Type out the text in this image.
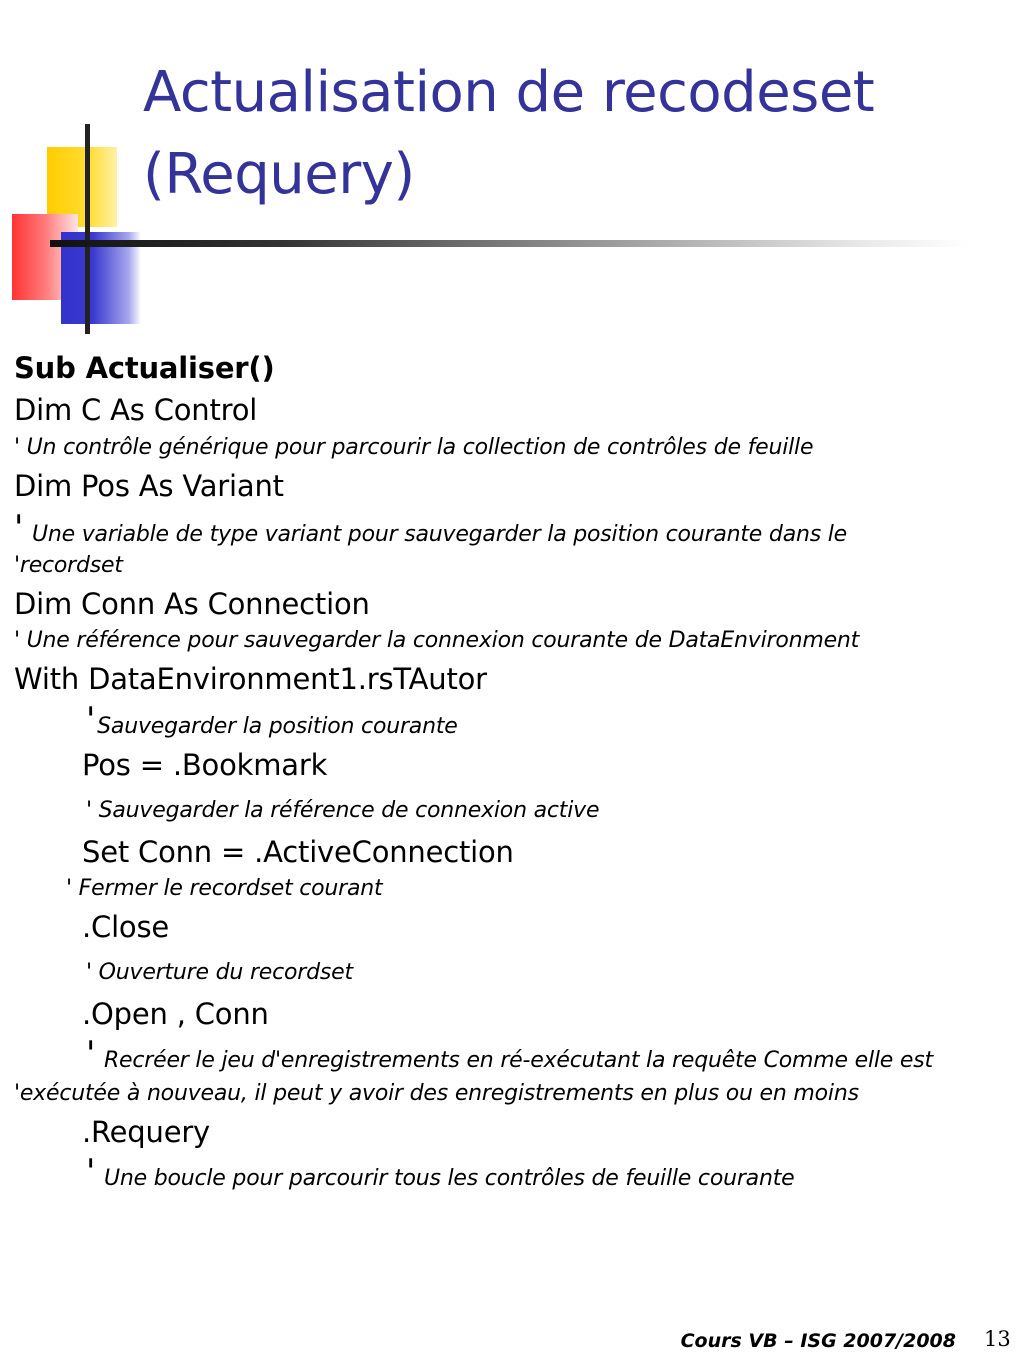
Actualisation de recodeset
(Requery)
Sub Actualiser()
Dim C As Control
' Un contrôle générique pour parcourir la collection de contrôles de feuille
Dim Pos As Variant
' Une variable de type variant pour sauvegarder la position courante dans le
'recordset
Dim Conn As Connection
' Une référence pour sauvegarder la connexion courante de DataEnvironment
With DataEnvironment1.rsTAutor
'Sauvegarder la position courante
Pos = .Bookmark
' Sauvegarder la référence de connexion active
Set Conn = .ActiveConnection
' Fermer le recordset courant
.Close
' Ouverture du recordset
.Open , Conn
' Recréer le jeu d'enregistrements en ré-exécutant la requête Comme elle est
'exécutée à nouveau, il peut y avoir des enregistrements en plus ou en moins
.Requery
' Une boucle pour parcourir tous les contrôles de feuille courante
Cours VB – ISG 2007/2008 13
